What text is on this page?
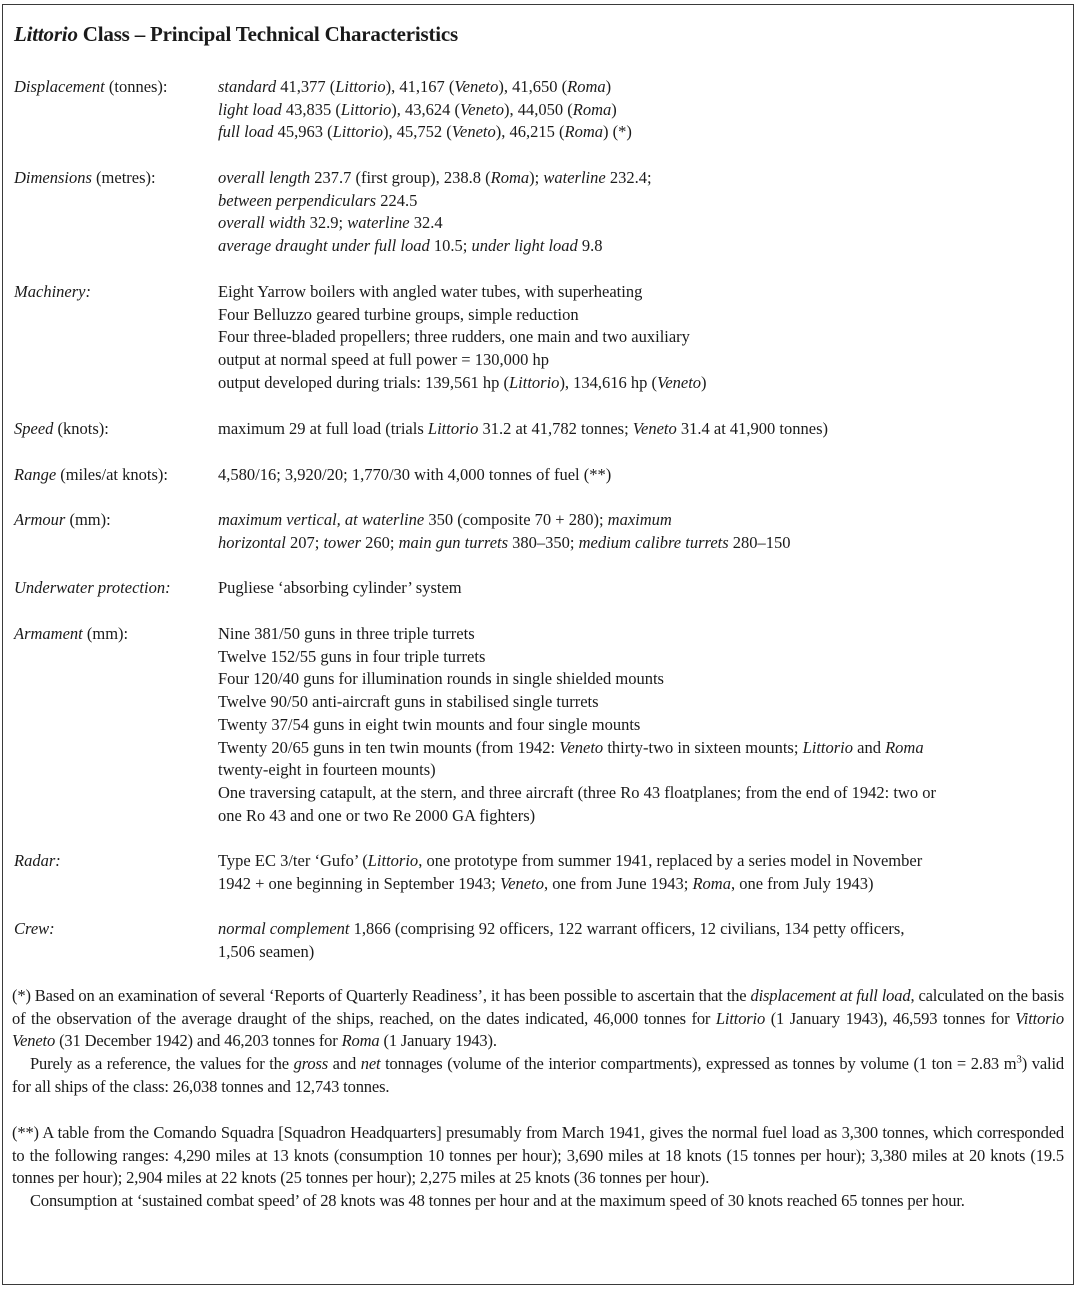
Littorio Class – Principal Technical Characteristics
Displacement (tonnes):	standard 41,377 (Littorio), 41,167 (Veneto), 41,650 (Roma)
light load 43,835 (Littorio), 43,624 (Veneto), 44,050 (Roma)
full load 45,963 (Littorio), 45,752 (Veneto), 46,215 (Roma) (*)
Dimensions (metres):	overall length 237.7 (first group), 238.8 (Roma); waterline 232.4;
between perpendiculars 224.5
overall width 32.9; waterline 32.4
average draught under full load 10.5; under light load 9.8
Machinery:	Eight Yarrow boilers with angled water tubes, with superheating
Four Belluzzo geared turbine groups, simple reduction
Four three-bladed propellers; three rudders, one main and two auxiliary
output at normal speed at full power = 130,000 hp
output developed during trials: 139,561 hp (Littorio), 134,616 hp (Veneto)
Speed (knots):	maximum 29 at full load (trials Littorio 31.2 at 41,782 tonnes; Veneto 31.4 at 41,900 tonnes)
Range (miles/at knots):	4,580/16; 3,920/20; 1,770/30 with 4,000 tonnes of fuel (**)
Armour (mm):	maximum vertical, at waterline 350 (composite 70 + 280); maximum
horizontal 207; tower 260; main gun turrets 380–350; medium calibre turrets 280–150
Underwater protection:	Pugliese ‘absorbing cylinder’ system
Armament (mm):	Nine 381/50 guns in three triple turrets
Twelve 152/55 guns in four triple turrets
Four 120/40 guns for illumination rounds in single shielded mounts
Twelve 90/50 anti-aircraft guns in stabilised single turrets
Twenty 37/54 guns in eight twin mounts and four single mounts
Twenty 20/65 guns in ten twin mounts (from 1942: Veneto thirty-two in sixteen mounts; Littorio and Roma
twenty-eight in fourteen mounts)
One traversing catapult, at the stern, and three aircraft (three Ro 43 floatplanes; from the end of 1942: two or
one Ro 43 and one or two Re 2000 GA fighters)
Radar:	Type EC 3/ter ‘Gufo’ (Littorio, one prototype from summer 1941, replaced by a series model in November
1942 + one beginning in September 1943; Veneto, one from June 1943; Roma, one from July 1943)
Crew:	normal complement 1,866 (comprising 92 officers, 122 warrant officers, 12 civilians, 134 petty officers,
1,506 seamen)

(*) Based on an examination of several ‘Reports of Quarterly Readiness’, it has been possible to ascertain that the displacement at full load, calculated on the basis of the observation of the average draught of the ships, reached, on the dates indicated, 46,000 tonnes for Littorio (1 January 1943), 46,593 tonnes for Vittorio Veneto (31 December 1942) and 46,203 tonnes for Roma (1 January 1943).

Purely as a reference, the values for the gross and net tonnages (volume of the interior compartments), expressed as tonnes by volume (1 ton = 2.83 $m^3$) valid for all ships of the class: 26,038 tonnes and 12,743 tonnes.

(**) A table from the Comando Squadra [Squadron Headquarters] presumably from March 1941, gives the normal fuel load as 3,300 tonnes, which corresponded to the following ranges: 4,290 miles at 13 knots (consumption 10 tonnes per hour); 3,690 miles at 18 knots (15 tonnes per hour); 3,380 miles at 20 knots (19.5 tonnes per hour); 2,904 miles at 22 knots (25 tonnes per hour); 2,275 miles at 25 knots (36 tonnes per hour).

Consumption at ‘sustained combat speed’ of 28 knots was 48 tonnes per hour and at the maximum speed of 30 knots reached 65 tonnes per hour.
